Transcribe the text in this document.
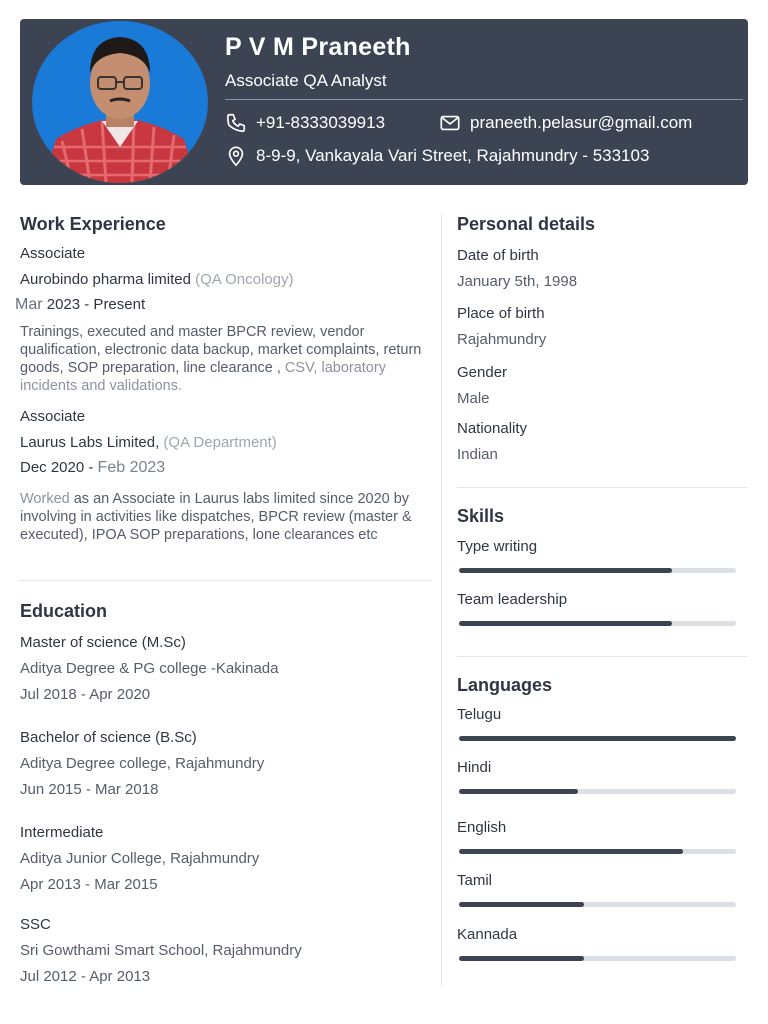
P V M Praneeth
Associate QA Analyst
+91-8333039913	praneeth.pelasur@gmail.com
8-9-9, Vankayala Vari Street, Rajahmundry - 533103
Work Experience
Associate
Aurobindo pharma limited (QA Oncology)
Mar 2023 - Present
Trainings, executed and master BPCR review, vendor qualification, electronic data backup, market complaints, return goods, SOP preparation, line clearance , CSV, laboratory incidents and validations.
Associate
Laurus Labs Limited, (QA Department)
Dec 2020 - Feb 2023
Worked as an Associate in Laurus labs limited since 2020 by involving in activities like dispatches, BPCR review (master & executed), IPOA SOP preparations, lone clearances etc
Education
Master of science (M.Sc)
Aditya Degree & PG college -Kakinada
Jul 2018 - Apr 2020
Bachelor of science (B.Sc)
Aditya Degree college, Rajahmundry
Jun 2015 - Mar 2018
Intermediate
Aditya Junior College, Rajahmundry
Apr 2013 - Mar 2015
SSC
Sri Gowthami Smart School, Rajahmundry
Jul 2012 - Apr 2013
Personal details
Date of birth
January 5th, 1998
Place of birth
Rajahmundry
Gender
Male
Nationality
Indian
Skills
Type writing
Team leadership
Languages
Telugu
Hindi
English
Tamil
Kannada
